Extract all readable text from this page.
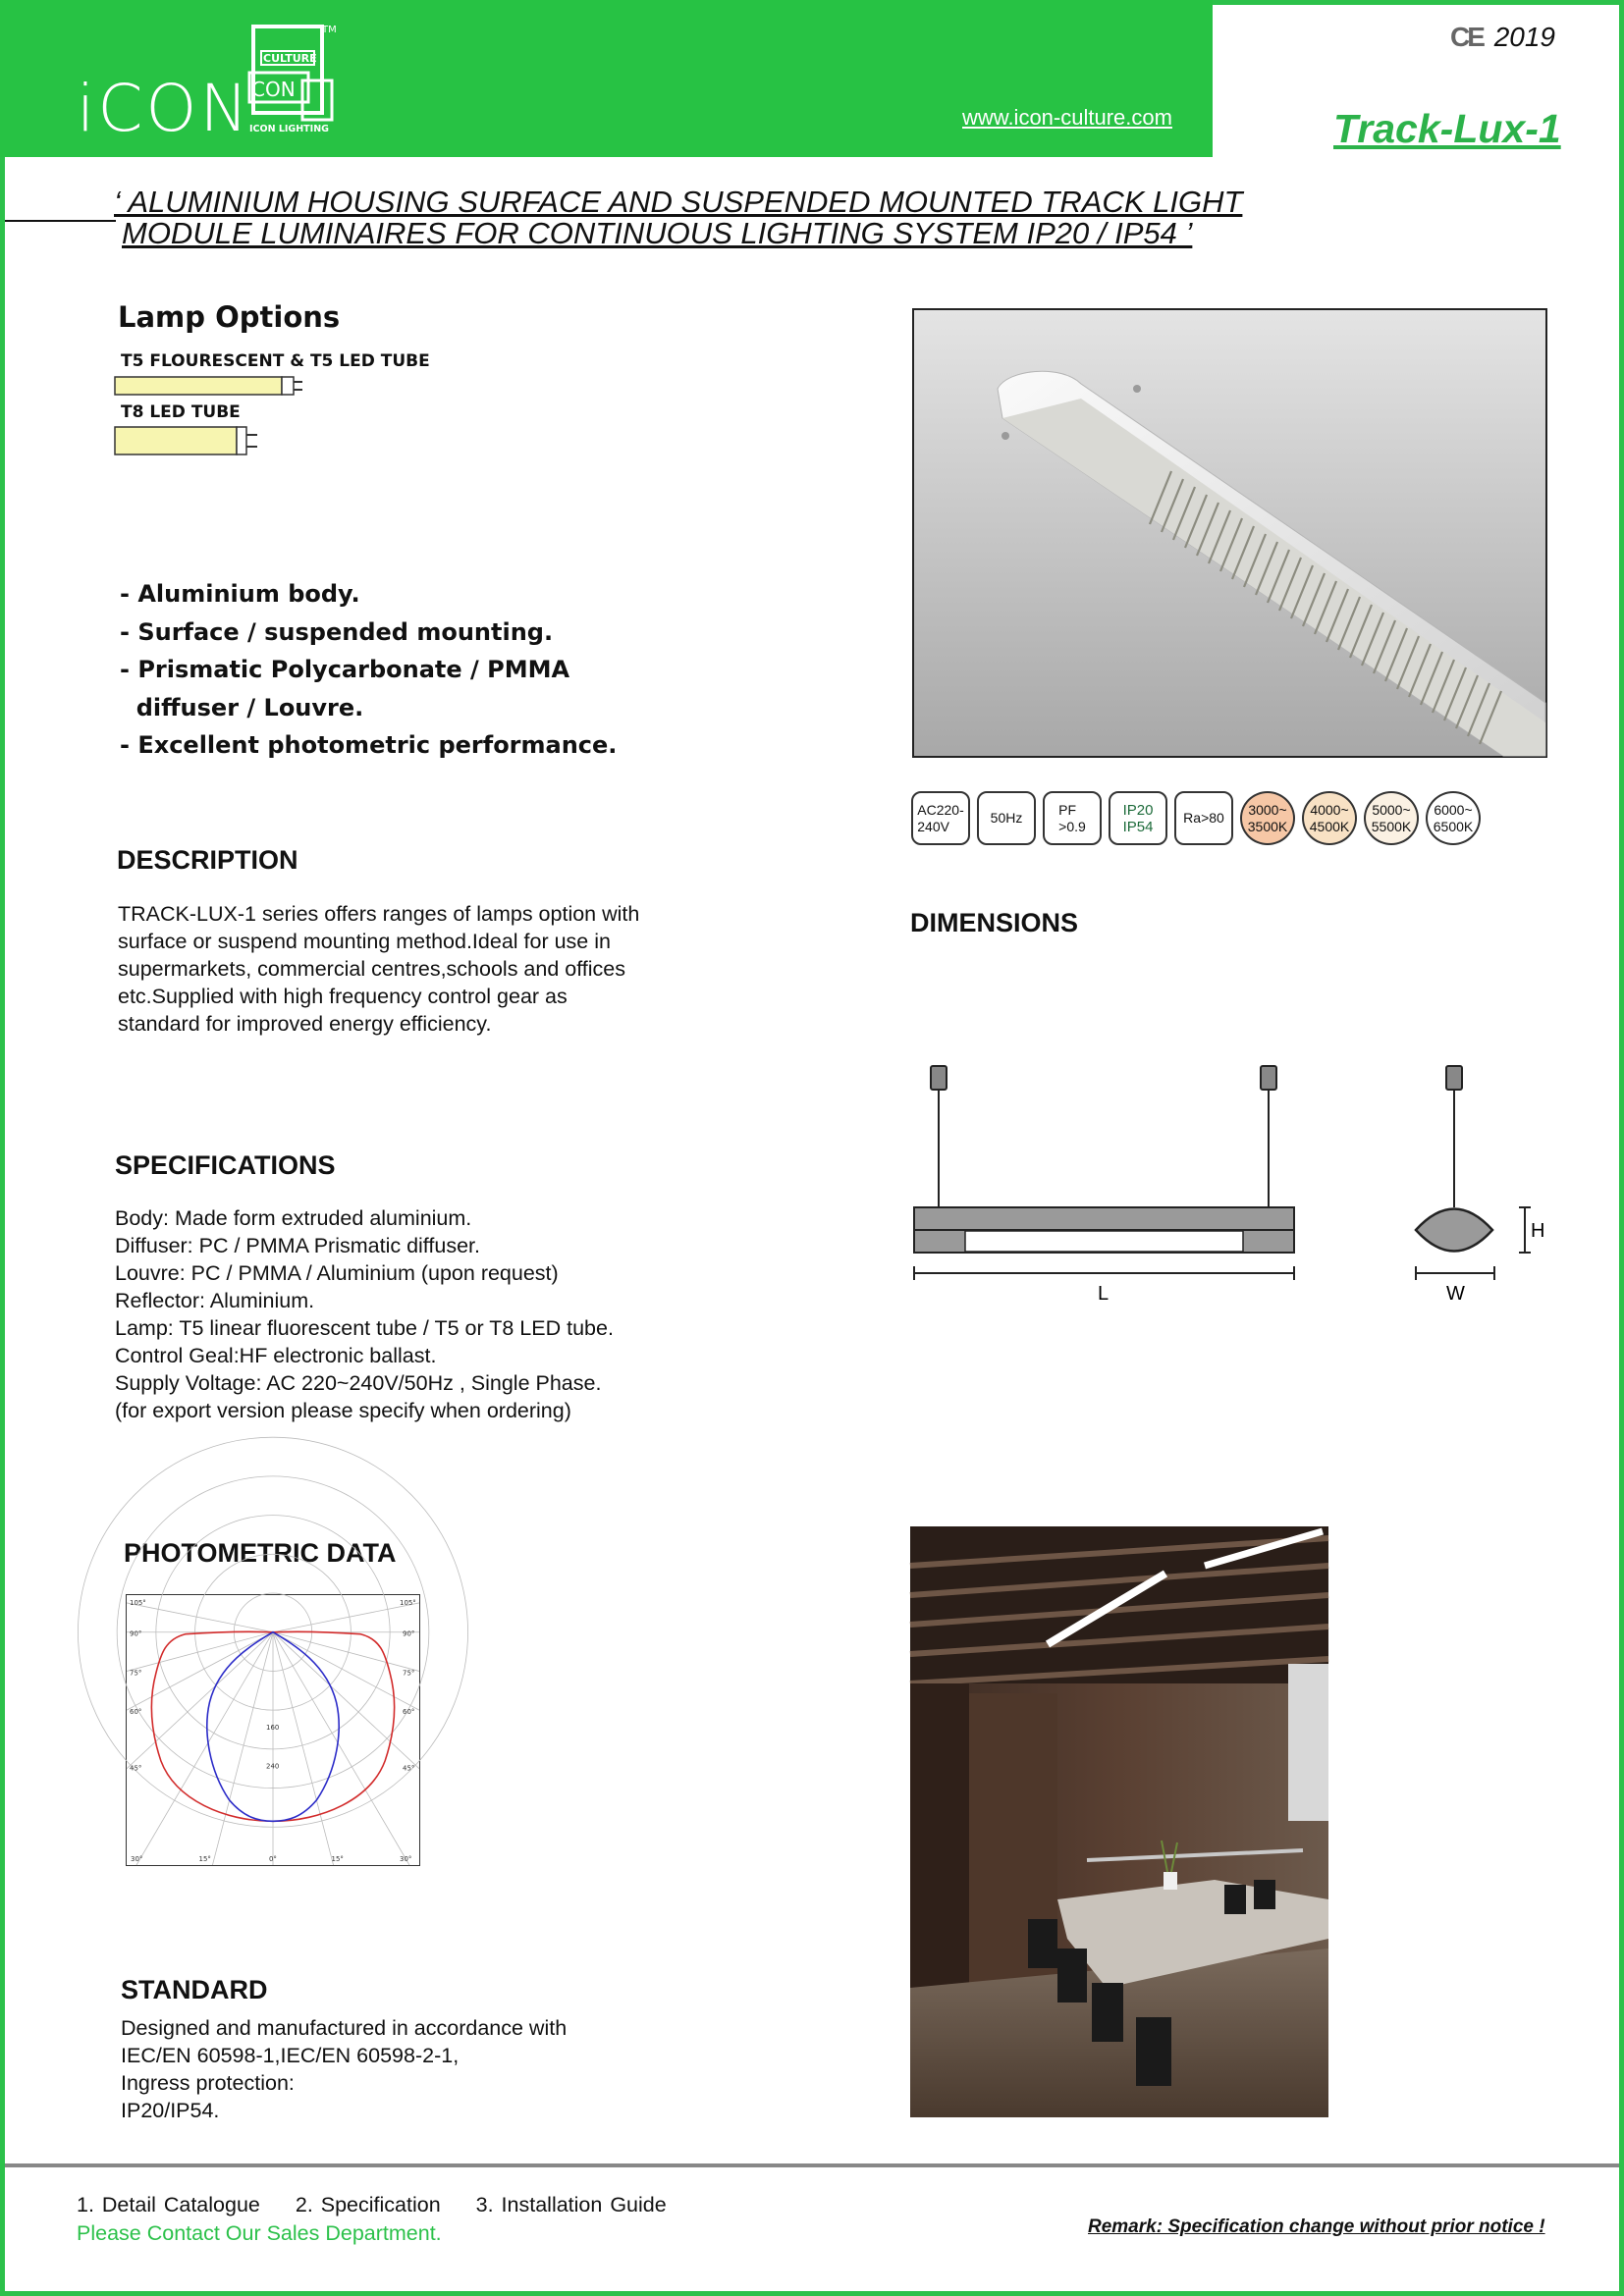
iCON
CULTURE
CON
TM
ICON LIGHTING	www.icon-culture.com
CE 2019
Track-Lux-1
‘ ALUMINIUM HOUSING SURFACE AND SUSPENDED MOUNTED TRACK LIGHT
MODULE LUMINAIRES FOR CONTINUOUS LIGHTING SYSTEM IP20 / IP54 ’
Lamp Options
T5 FLOURESCENT & T5 LED TUBE
T8 LED TUBE
- Aluminium body.
- Surface / suspended mounting.
- Prismatic Polycarbonate / PMMA
diffuser / Louvre.
- Excellent photometric performance.
AC220-
240V
50Hz
PF
>0.9
IP20
IP54
Ra>80
3000~
3500K
4000~
4500K
5000~
5500K
6000~
6500K
DESCRIPTION
TRACK-LUX-1 series offers ranges of lamps option with
surface or suspend mounting method.Ideal for use in
supermarkets, commercial centres,schools and offices
etc.Supplied with high frequency control gear as
standard for improved energy efficiency.
DIMENSIONS
L	W
H
SPECIFICATIONS
Body: Made form extruded aluminium.
Diffuser: PC / PMMA Prismatic diffuser.
Louvre: PC / PMMA / Aluminium (upon request)
Reflector: Aluminium.
Lamp: T5 linear fluorescent tube / T5 or T8 LED tube.
Control Geal:HF electronic ballast.
Supply Voltage: AC 220~240V/50Hz , Single Phase.
(for export version please specify when ordering)
PHOTOMETRIC DATA
105°
90°
75°
60°
45°
105°
90°
75°
60°
45°
30°	15°	0°	15°	30°
160
240
STANDARD
Designed and manufactured in accordance with
IEC/EN 60598-1,IEC/EN 60598-2-1,
Ingress protection:
IP20/IP54.
1. Detail Catalogue 2. Specification 3. Installation Guide
Please Contact Our Sales Department.	Remark: Specification change without prior notice !
